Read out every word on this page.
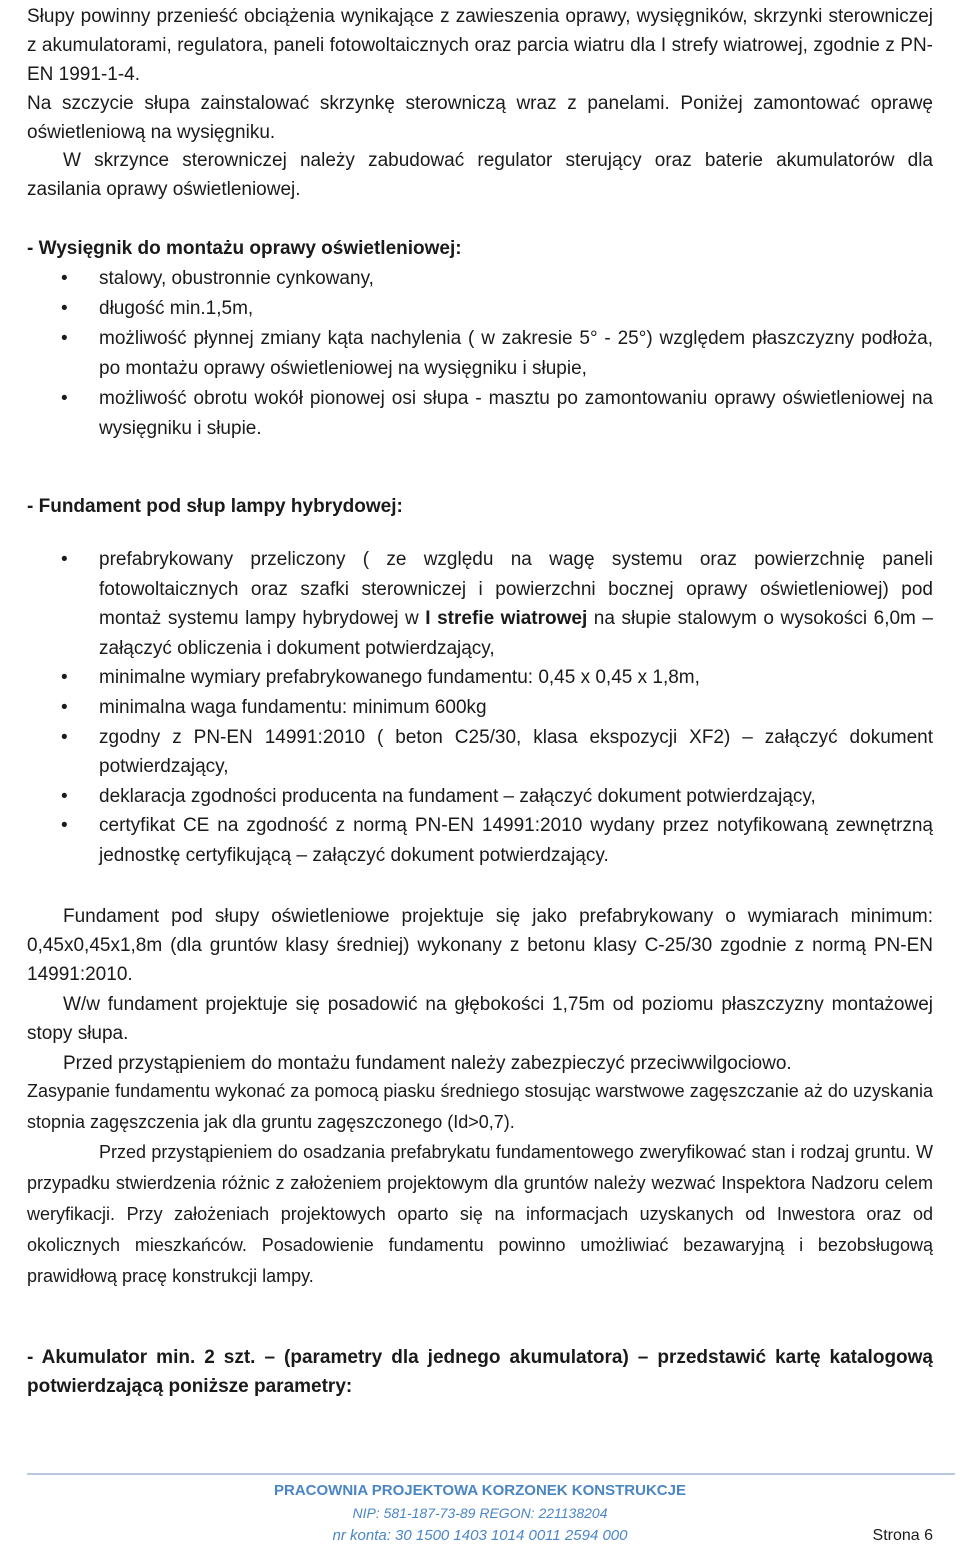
Słupy powinny przenieść obciążenia wynikające z zawieszenia oprawy, wysięgników, skrzynki sterowniczej z akumulatorami, regulatora, paneli fotowoltaicznych oraz parcia wiatru dla I strefy wiatrowej, zgodnie z PN-EN 1991-1-4.

Na szczycie słupa zainstalować skrzynkę sterowniczą wraz z panelami. Poniżej zamontować oprawę oświetleniową na wysięgniku.

W skrzynce sterowniczej należy zabudować regulator sterujący oraz baterie akumulatorów dla zasilania oprawy oświetleniowej.

- Wysięgnik do montażu oprawy oświetleniowej:

• stalowy, obustronnie cynkowany,
• długość min.1,5m,
• możliwość płynnej zmiany kąta nachylenia ( w zakresie 5° - 25°) względem płaszczyzny podłoża, po montażu oprawy oświetleniowej na wysięgniku i słupie,
• możliwość obrotu wokół pionowej osi słupa - masztu po zamontowaniu oprawy oświetleniowej na wysięgniku i słupie.

- Fundament pod słup lampy hybrydowej:

• prefabrykowany przeliczony ( ze względu na wagę systemu oraz powierzchnię paneli fotowoltaicznych oraz szafki sterowniczej i powierzchni bocznej oprawy oświetleniowej) pod montaż systemu lampy hybrydowej w I strefie wiatrowej na słupie stalowym o wysokości 6,0m – załączyć obliczenia i dokument potwierdzający,
• minimalne wymiary prefabrykowanego fundamentu: 0,45 x 0,45 x 1,8m,
• minimalna waga fundamentu: minimum 600kg
• zgodny z PN-EN 14991:2010 ( beton C25/30, klasa ekspozycji XF2) – załączyć dokument potwierdzający,
• deklaracja zgodności producenta na fundament – załączyć dokument potwierdzający,
• certyfikat CE na zgodność z normą PN-EN 14991:2010 wydany przez notyfikowaną zewnętrzną jednostkę certyfikującą – załączyć dokument potwierdzający.

Fundament pod słupy oświetleniowe projektuje się jako prefabrykowany o wymiarach minimum: 0,45x0,45x1,8m (dla gruntów klasy średniej) wykonany z betonu klasy C-25/30 zgodnie z normą PN-EN 14991:2010.

W/w fundament projektuje się posadowić na głębokości 1,75m od poziomu płaszczyzny montażowej stopy słupa.

Przed przystąpieniem do montażu fundament należy zabezpieczyć przeciwwilgociowo.

Zasypanie fundamentu wykonać za pomocą piasku średniego stosując warstwowe zagęszczanie aż do uzyskania stopnia zagęszczenia jak dla gruntu zagęszczonego (Id>0,7).

Przed przystąpieniem do osadzania prefabrykatu fundamentowego zweryfikować stan i rodzaj gruntu. W przypadku stwierdzenia różnic z założeniem projektowym dla gruntów należy wezwać Inspektora Nadzoru celem weryfikacji. Przy założeniach projektowych oparto się na informacjach uzyskanych od Inwestora oraz od okolicznych mieszkańców. Posadowienie fundamentu powinno umożliwiać bezawaryjną i bezobsługową prawidłową pracę konstrukcji lampy.

- Akumulator min. 2 szt. – (parametry dla jednego akumulatora) – przedstawić kartę katalogową potwierdzającą poniższe parametry:

PRACOWNIA PROJEKTOWA KORZONEK KONSTRUKCJE
NIP: 581-187-73-89 REGON: 221138204
nr konta: 30 1500 1403 1014 0011 2594 000	Strona 6
